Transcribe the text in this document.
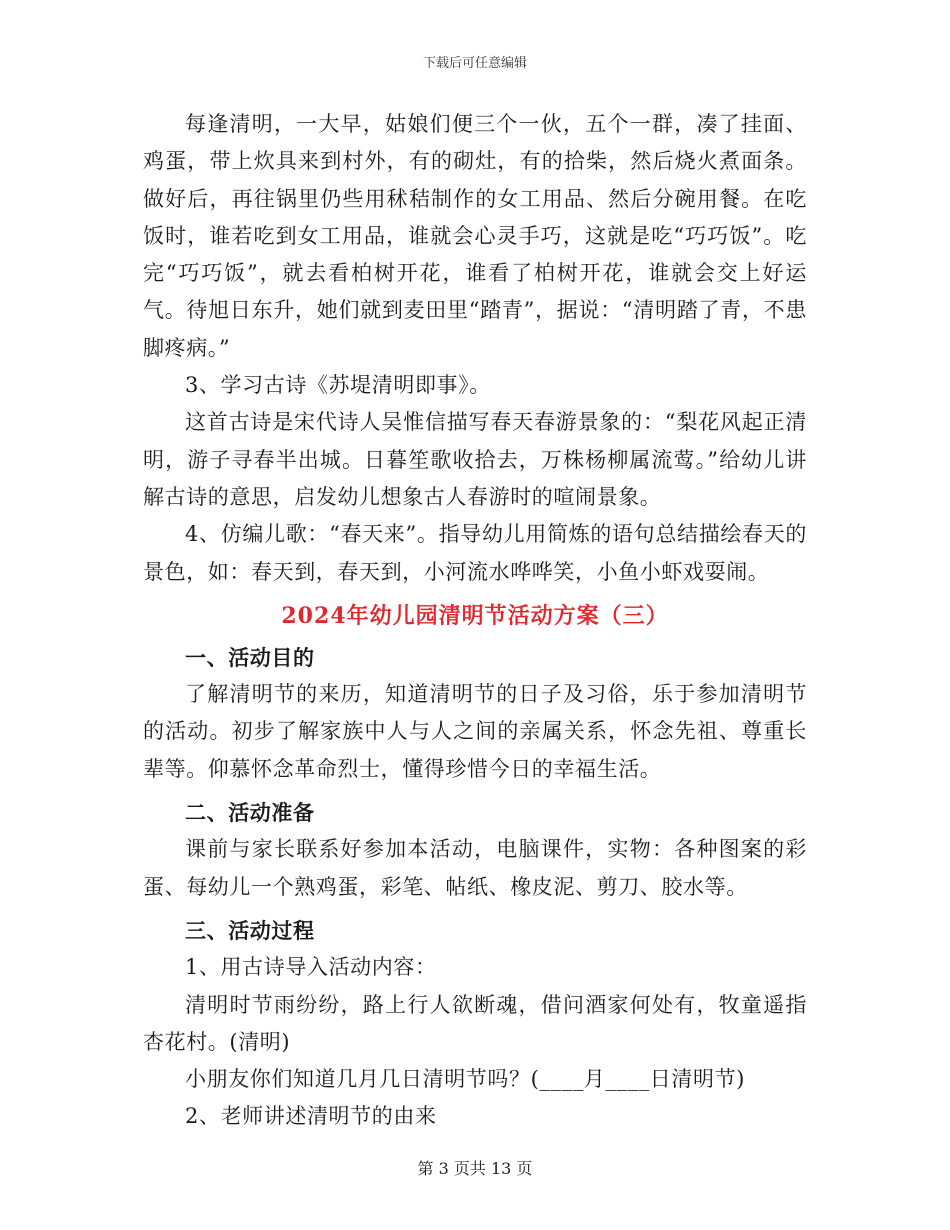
下载后可任意编辑

每逢清明，一大早，姑娘们便三个一伙，五个一群，凑了挂面、鸡蛋，带上炊具来到村外，有的砌灶，有的拾柴，然后烧火煮面条。做好后，再往锅里仍些用秫秸制作的女工用品、然后分碗用餐。在吃饭时，谁若吃到女工用品，谁就会心灵手巧，这就是吃“巧巧饭”。吃完“巧巧饭”，就去看柏树开花，谁看了柏树开花，谁就会交上好运气。待旭日东升，她们就到麦田里“踏青”，据说：“清明踏了青，不患脚疼病。”

3、学习古诗《苏堤清明即事》。

这首古诗是宋代诗人吴惟信描写春天春游景象的：“梨花风起正清明，游子寻春半出城。日暮笙歌收拾去，万株杨柳属流莺。”给幼儿讲解古诗的意思，启发幼儿想象古人春游时的喧闹景象。

4、仿编儿歌：“春天来”。指导幼儿用简炼的语句总结描绘春天的景色，如：春天到，春天到，小河流水哗哗笑，小鱼小虾戏耍闹。

2024年幼儿园清明节活动方案（三）

一、活动目的

了解清明节的来历，知道清明节的日子及习俗，乐于参加清明节的活动。初步了解家族中人与人之间的亲属关系，怀念先祖、尊重长辈等。仰慕怀念革命烈士，懂得珍惜今日的幸福生活。

二、活动准备

课前与家长联系好参加本活动，电脑课件，实物：各种图案的彩蛋、每幼儿一个熟鸡蛋，彩笔、帖纸、橡皮泥、剪刀、胶水等。

三、活动过程

1、用古诗导入活动内容：

清明时节雨纷纷，路上行人欲断魂，借问酒家何处有，牧童遥指杏花村。(清明)

小朋友你们知道几月几日清明节吗？(____月____日清明节)

2、老师讲述清明节的由来

第 3 页共 13 页
